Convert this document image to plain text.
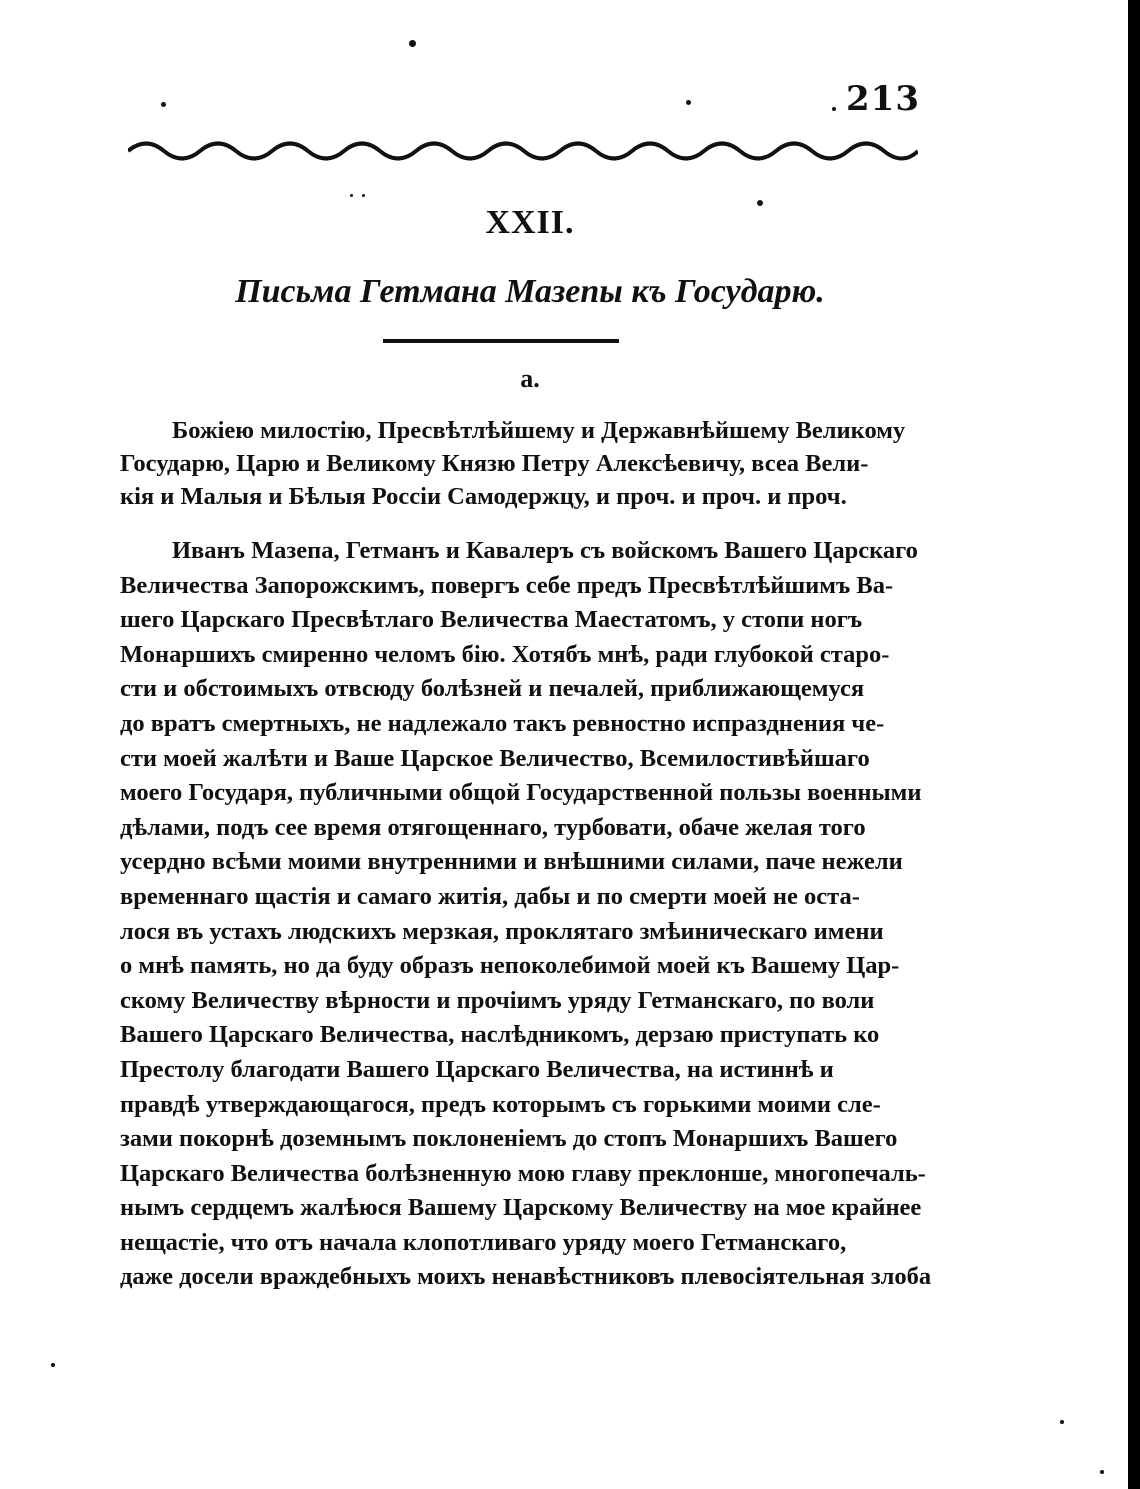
213
XXII.
Письма Гетмана Мазепы къ Государю.
а.

Божiею милостiю, Пресвѣтлѣйшему и Державнѣйшему Великому

Государю, Царю и Великому Князю Петру Алексѣевичу, всеа Вели-

кiя и Малыя и Бѣлыя Россiи Самодержцу, и проч. и проч. и проч.

Иванъ Мазепа, Гетманъ и Кавалеръ съ войскомъ Вашего Царскаго

Величества Запорожскимъ, повергъ себе предъ Пресвѣтлѣйшимъ Ва-

шего Царскаго Пресвѣтлаго Величества Маестатомъ, у стопи ногъ

Монаршихъ смиренно челомъ бiю. Хотябъ мнѣ, ради глубокой старо-

сти и обстоимыхъ отвсюду болѣзней и печалей, приближающемуся

до вратъ смертныхъ, не надлежало такъ ревностно испразднения че-

сти моей жалѣти и Ваше Царское Величество, Всемилостивѣйшаго

моего Государя, публичными общой Государственной пользы военными

дѣлами, подъ сее время отягощеннаго, турбовати, обаче желая того

усердно всѣми моими внутренними и внѣшними силами, паче нежели

временнаго щастiя и самаго житiя, дабы и по смерти моей не оста-

лося въ устахъ людскихъ мерзкая, проклятаго змѣиническаго имени

о мнѣ память, но да буду образъ непоколебимой моей къ Вашему Цар-

скому Величеству вѣрности и прочiимъ уряду Гетманскаго, по воли

Вашего Царскаго Величества, наслѣдникомъ, дерзаю приступать ко

Престолу благодати Вашего Царскаго Величества, на истиннѣ и

правдѣ утверждающагося, предъ которымъ съ горькими моими сле-

зами покорнѣ доземнымъ поклоненiемъ до стопъ Монаршихъ Вашего

Царскаго Величества болѣзненную мою главу преклонше, многопечаль-

нымъ сердцемъ жалѣюся Вашему Царскому Величеству на мое крайнее

нещастiе, что отъ начала клопотливаго уряду моего Гетманскаго,

даже досели враждебныхъ моихъ ненавѣстниковъ плевосiятельная злоба
